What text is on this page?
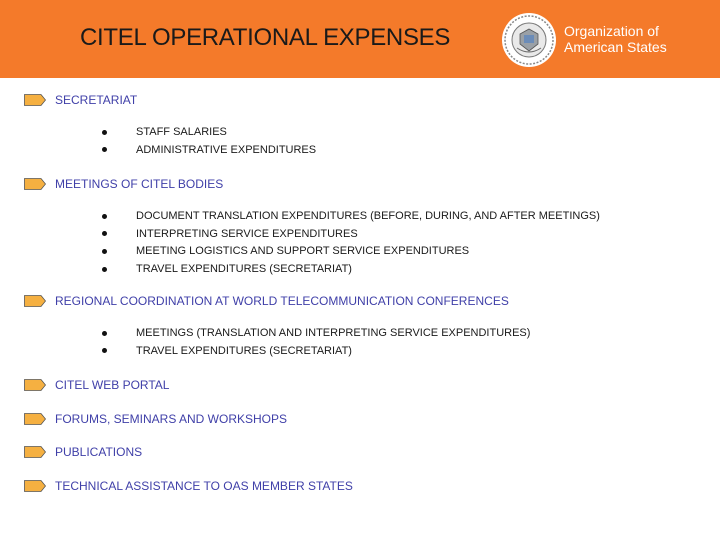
CITEL OPERATIONAL EXPENSES	Organization of
American States
SECRETARIAT
STAFF SALARIES
ADMINISTRATIVE EXPENDITURES
MEETINGS OF CITEL BODIES
DOCUMENT TRANSLATION EXPENDITURES (BEFORE, DURING, AND AFTER MEETINGS)
INTERPRETING SERVICE EXPENDITURES
MEETING LOGISTICS AND SUPPORT SERVICE EXPENDITURES
TRAVEL EXPENDITURES (SECRETARIAT)
REGIONAL COORDINATION AT WORLD TELECOMMUNICATION CONFERENCES
MEETINGS (TRANSLATION AND INTERPRETING SERVICE EXPENDITURES)
TRAVEL EXPENDITURES (SECRETARIAT)
CITEL WEB PORTAL
FORUMS, SEMINARS AND WORKSHOPS
PUBLICATIONS
TECHNICAL ASSISTANCE TO OAS MEMBER STATES
